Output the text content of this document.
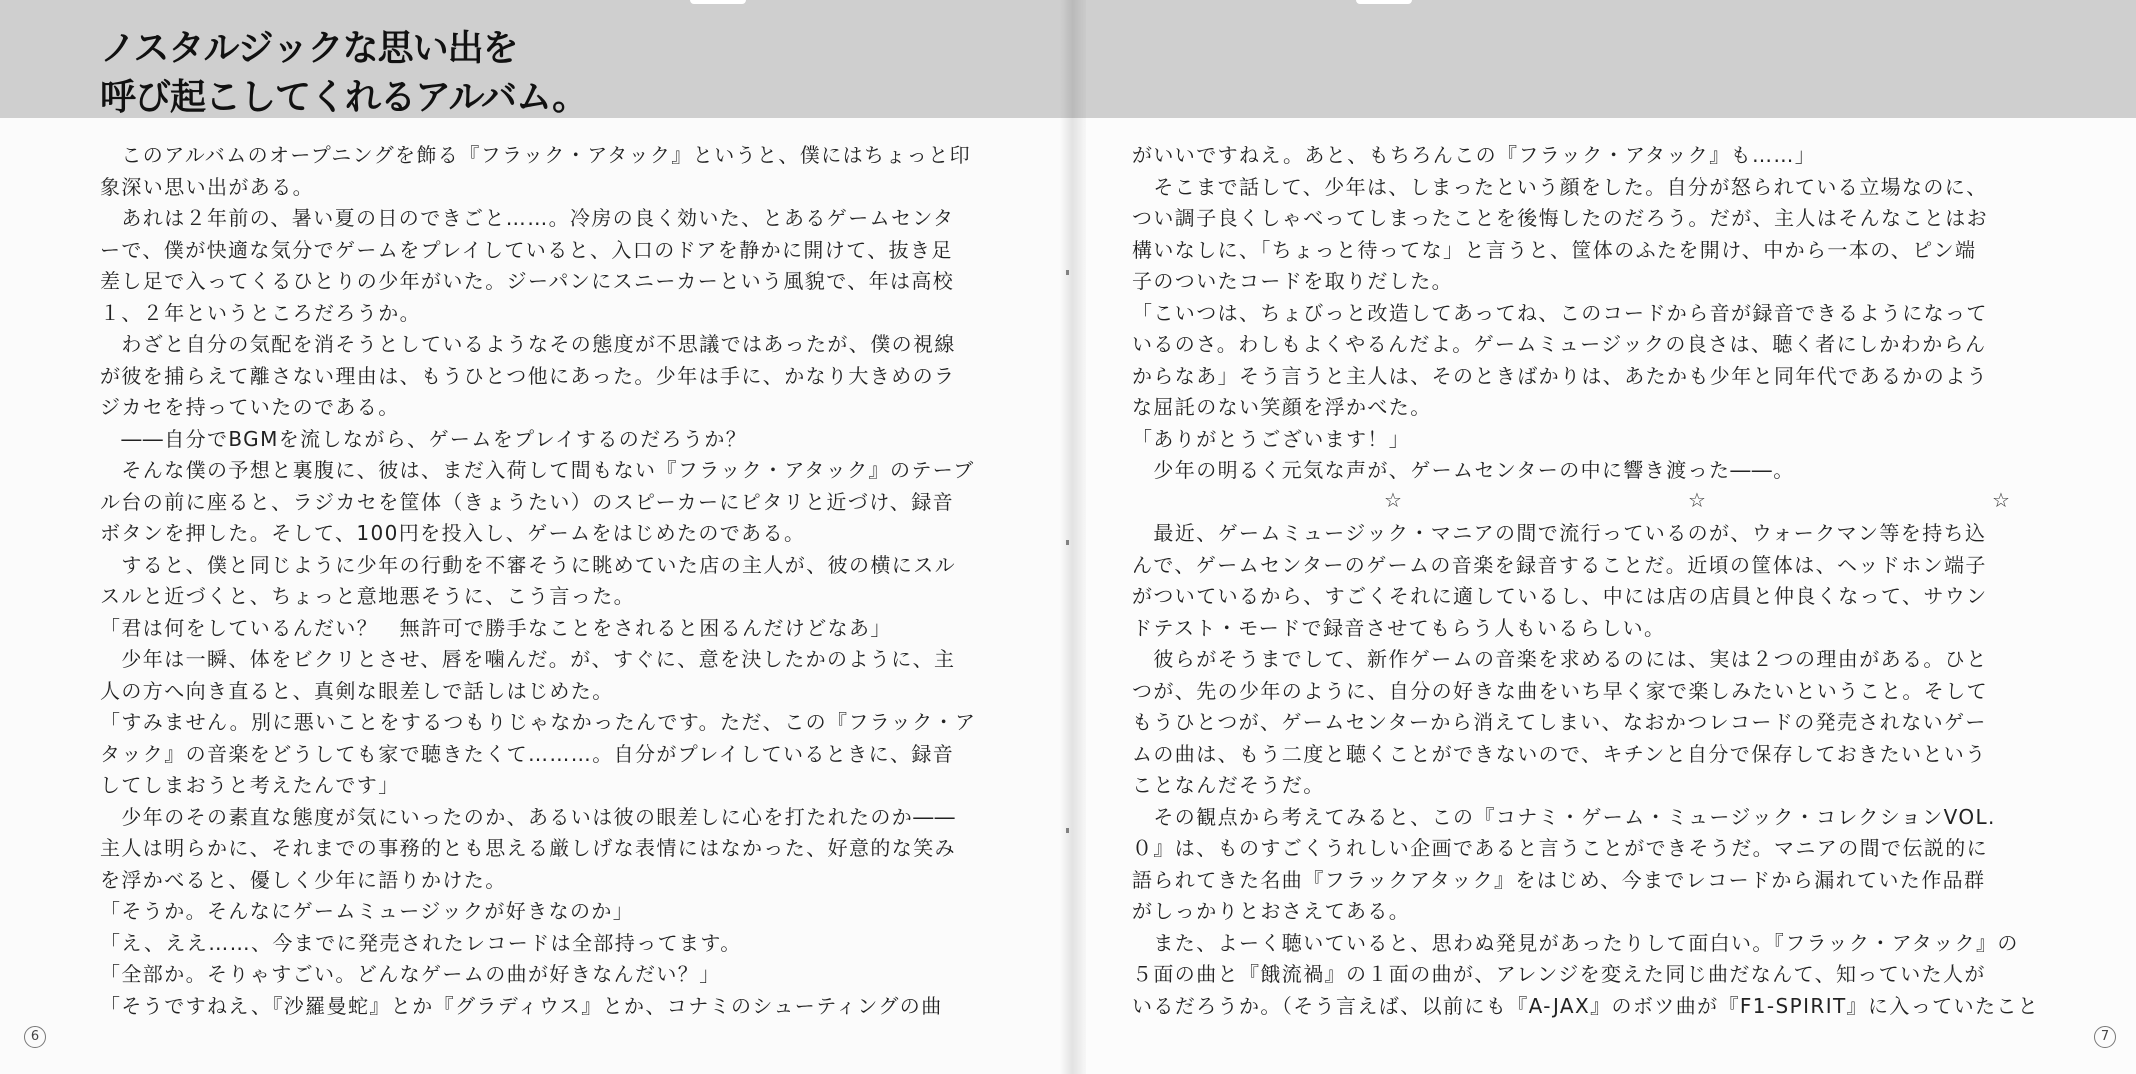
ノスタルジックな思い出を
呼び起こしてくれるアルバム。
　このアルバムのオープニングを飾る『フラック・アタック』というと、僕にはちょっと印
象深い思い出がある。
　あれは２年前の、暑い夏の日のできごと……。冷房の良く効いた、とあるゲームセンタ
ーで、僕が快適な気分でゲームをプレイしていると、入口のドアを静かに開けて、抜き足
差し足で入ってくるひとりの少年がいた。ジーパンにスニーカーという風貌で、年は高校
１、２年というところだろうか。
　わざと自分の気配を消そうとしているようなその態度が不思議ではあったが、僕の視線
が彼を捕らえて離さない理由は、もうひとつ他にあった。少年は手に、かなり大きめのラ
ジカセを持っていたのである。
　――自分でBGMを流しながら、ゲームをプレイするのだろうか？
　そんな僕の予想と裏腹に、彼は、まだ入荷して間もない『フラック・アタック』のテーブ
ル台の前に座ると、ラジカセを筐体（きょうたい）のスピーカーにピタリと近づけ、録音
ボタンを押した。そして、100円を投入し、ゲームをはじめたのである。
　すると、僕と同じように少年の行動を不審そうに眺めていた店の主人が、彼の横にスル
スルと近づくと、ちょっと意地悪そうに、こう言った。
「君は何をしているんだい？　無許可で勝手なことをされると困るんだけどなあ」
　少年は一瞬、体をビクリとさせ、唇を噛んだ。が、すぐに、意を決したかのように、主
人の方へ向き直ると、真剣な眼差しで話しはじめた。
「すみません。別に悪いことをするつもりじゃなかったんです。ただ、この『フラック・ア
タック』の音楽をどうしても家で聴きたくて………。自分がプレイしているときに、録音
してしまおうと考えたんです」
　少年のその素直な態度が気にいったのか、あるいは彼の眼差しに心を打たれたのか――
主人は明らかに、それまでの事務的とも思える厳しげな表情にはなかった、好意的な笑み
を浮かべると、優しく少年に語りかけた。
「そうか。そんなにゲームミュージックが好きなのか」
「え、ええ……、今までに発売されたレコードは全部持ってます。
「全部か。そりゃすごい。どんなゲームの曲が好きなんだい？」
「そうですねえ、『沙羅曼蛇』とか『グラディウス』とか、コナミのシューティングの曲
6
がいいですねえ。あと、もちろんこの『フラック・アタック』も……」
　そこまで話して、少年は、しまったという顔をした。自分が怒られている立場なのに、
つい調子良くしゃべってしまったことを後悔したのだろう。だが、主人はそんなことはお
構いなしに、「ちょっと待ってな」と言うと、筐体のふたを開け、中から一本の、ピン端
子のついたコードを取りだした。
「こいつは、ちょびっと改造してあってね、このコードから音が録音できるようになって
いるのさ。わしもよくやるんだよ。ゲームミュージックの良さは、聴く者にしかわからん
からなあ」そう言うと主人は、そのときばかりは、あたかも少年と同年代であるかのよう
な屈託のない笑顔を浮かべた。
「ありがとうございます！」
　少年の明るく元気な声が、ゲームセンターの中に響き渡った――。
　最近、ゲームミュージック・マニアの間で流行っているのが、ウォークマン等を持ち込
んで、ゲームセンターのゲームの音楽を録音することだ。近頃の筐体は、ヘッドホン端子
がついているから、すごくそれに適しているし、中には店の店員と仲良くなって、サウン
ドテスト・モードで録音させてもらう人もいるらしい。
　彼らがそうまでして、新作ゲームの音楽を求めるのには、実は２つの理由がある。ひと
つが、先の少年のように、自分の好きな曲をいち早く家で楽しみたいということ。そして
もうひとつが、ゲームセンターから消えてしまい、なおかつレコードの発売されないゲー
ムの曲は、もう二度と聴くことができないので、キチンと自分で保存しておきたいという
ことなんだそうだ。
　その観点から考えてみると、この『コナミ・ゲーム・ミュージック・コレクションVOL.
０』は、ものすごくうれしい企画であると言うことができそうだ。マニアの間で伝説的に
語られてきた名曲『フラックアタック』をはじめ、今までレコードから漏れていた作品群
がしっかりとおさえてある。
　また、よーく聴いていると、思わぬ発見があったりして面白い。『フラック・アタック』の
５面の曲と『餓流禍』の１面の曲が、アレンジを変えた同じ曲だなんて、知っていた人が
いるだろうか。（そう言えば、以前にも『A-JAX』のボツ曲が『F1-SPIRIT』に入っていたこと
☆	☆	☆
7
